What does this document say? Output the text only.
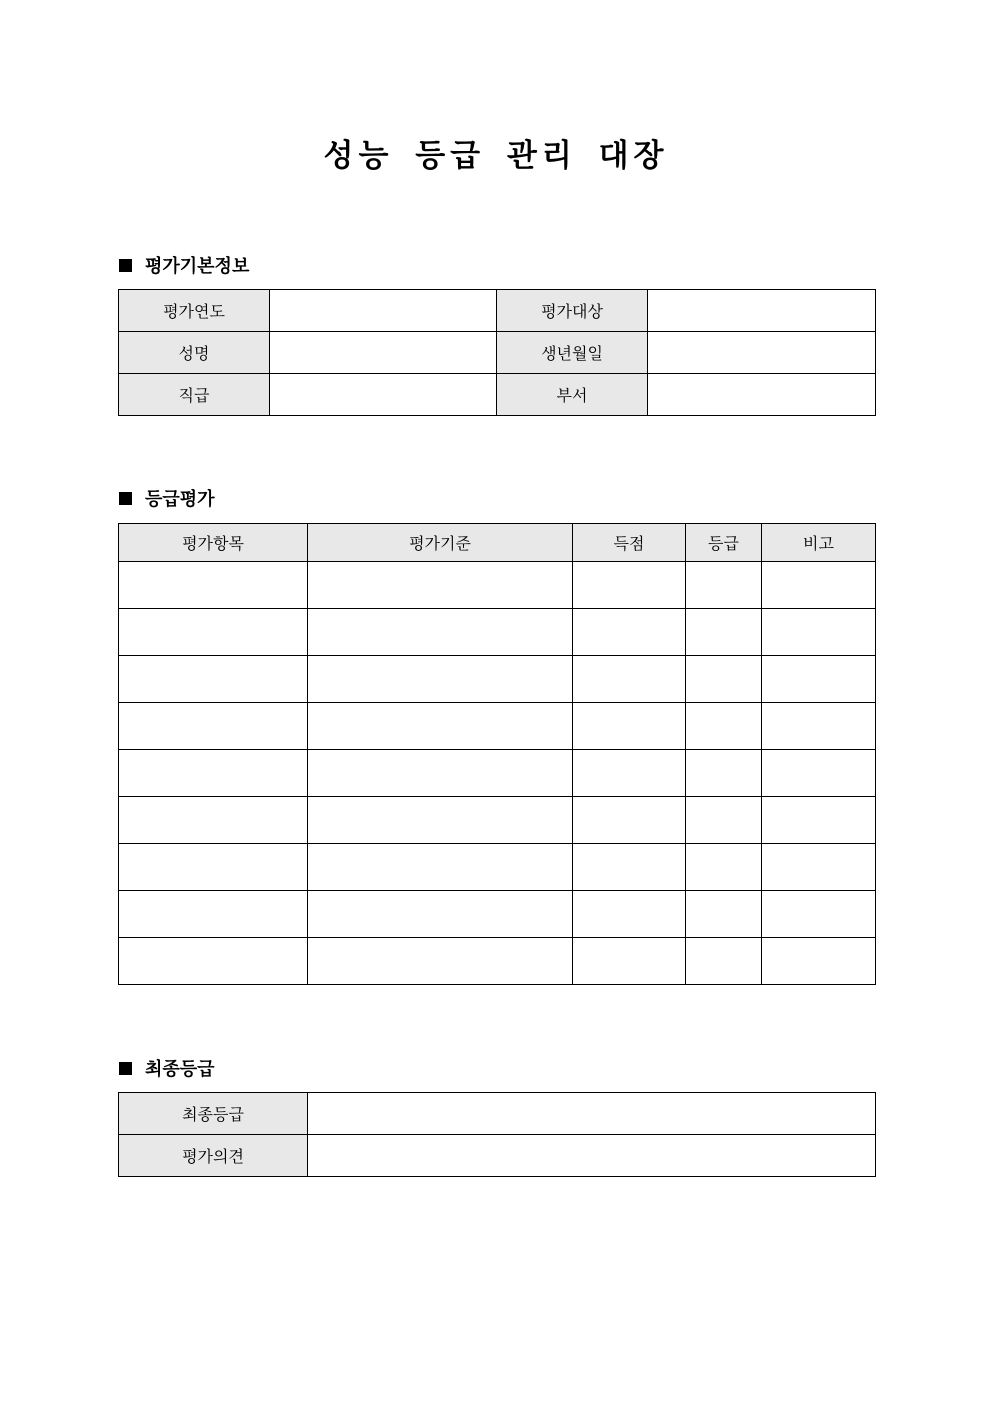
성능 등급 관리 대장
평가기본정보
평가연도		평가대상	
성명		생년월일	
직급		부서	
등급평가
평가항목	평가기준	득점	등급	비고

최종등급
최종등급	
평가의견	
